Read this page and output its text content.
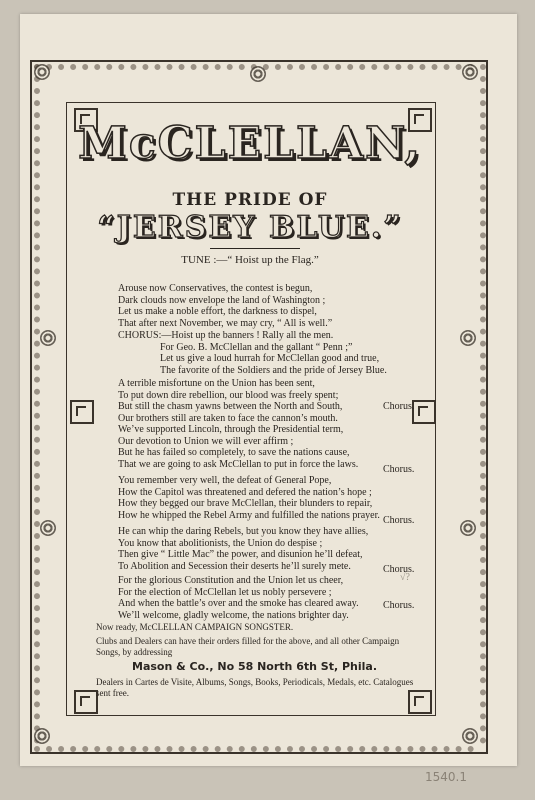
McCLELLAN,
THE PRIDE OF
“JERSEY BLUE.”
TUNE :—“ Hoist up the Flag.”
Arouse now Conservatives, the contest is begun,
Dark clouds now envelope the land of Washington ;
Let us make a noble effort, the darkness to dispel,
That after next November, we may cry, “ All is well.”
CHORUS:—Hoist up the banners ! Rally all the men.
For Geo. B. McClellan and the gallant “ Penn ;”
Let us give a loud hurrah for McClellan good and true,
The favorite of the Soldiers and the pride of Jersey Blue.
A terrible misfortune on the Union has been sent,
To put down dire rebellion, our blood was freely spent;
But still the chasm yawns between the North and South,
Our brothers still are taken to face the cannon’s mouth.
Chorus.
We’ve supported Lincoln, through the Presidential term,
Our devotion to Union we will ever affirm ;
But he has failed so completely, to save the nations cause,
That we are going to ask McClellan to put in force the laws.	Chorus.
You remember very well, the defeat of General Pope,
How the Capitol was threatened and defered the nation’s hope ;
How they begged our brave McClellan, their blunders to repair,
How he whipped the Rebel Army and fulfilled the nations prayer. Chorus.
He can whip the daring Rebels, but you know they have allies,
You know that abolitionists, the Union do despise ;
Then give “ Little Mac” the power, and disunion he’ll defeat,
To Abolition and Secession their deserts he’ll surely mete.	Chorus.
For the glorious Constitution and the Union let us cheer,
For the election of McClellan let us nobly persevere ;
And when the battle’s over and the smoke has cleared away.
We’ll welcome, gladly welcome, the nations brighter day.
Chorus.
√?
Now ready, McCLELLAN CAMPAIGN SONGSTER.
Clubs and Dealers can have their orders filled for the above, and all other Campaign Songs, by addressing
Mason & Co., No 58 North 6th St, Phila.
Dealers in Cartes de Visite, Albums, Songs, Books, Periodicals, Medals, etc. Catalogues sent free.
1540.1
